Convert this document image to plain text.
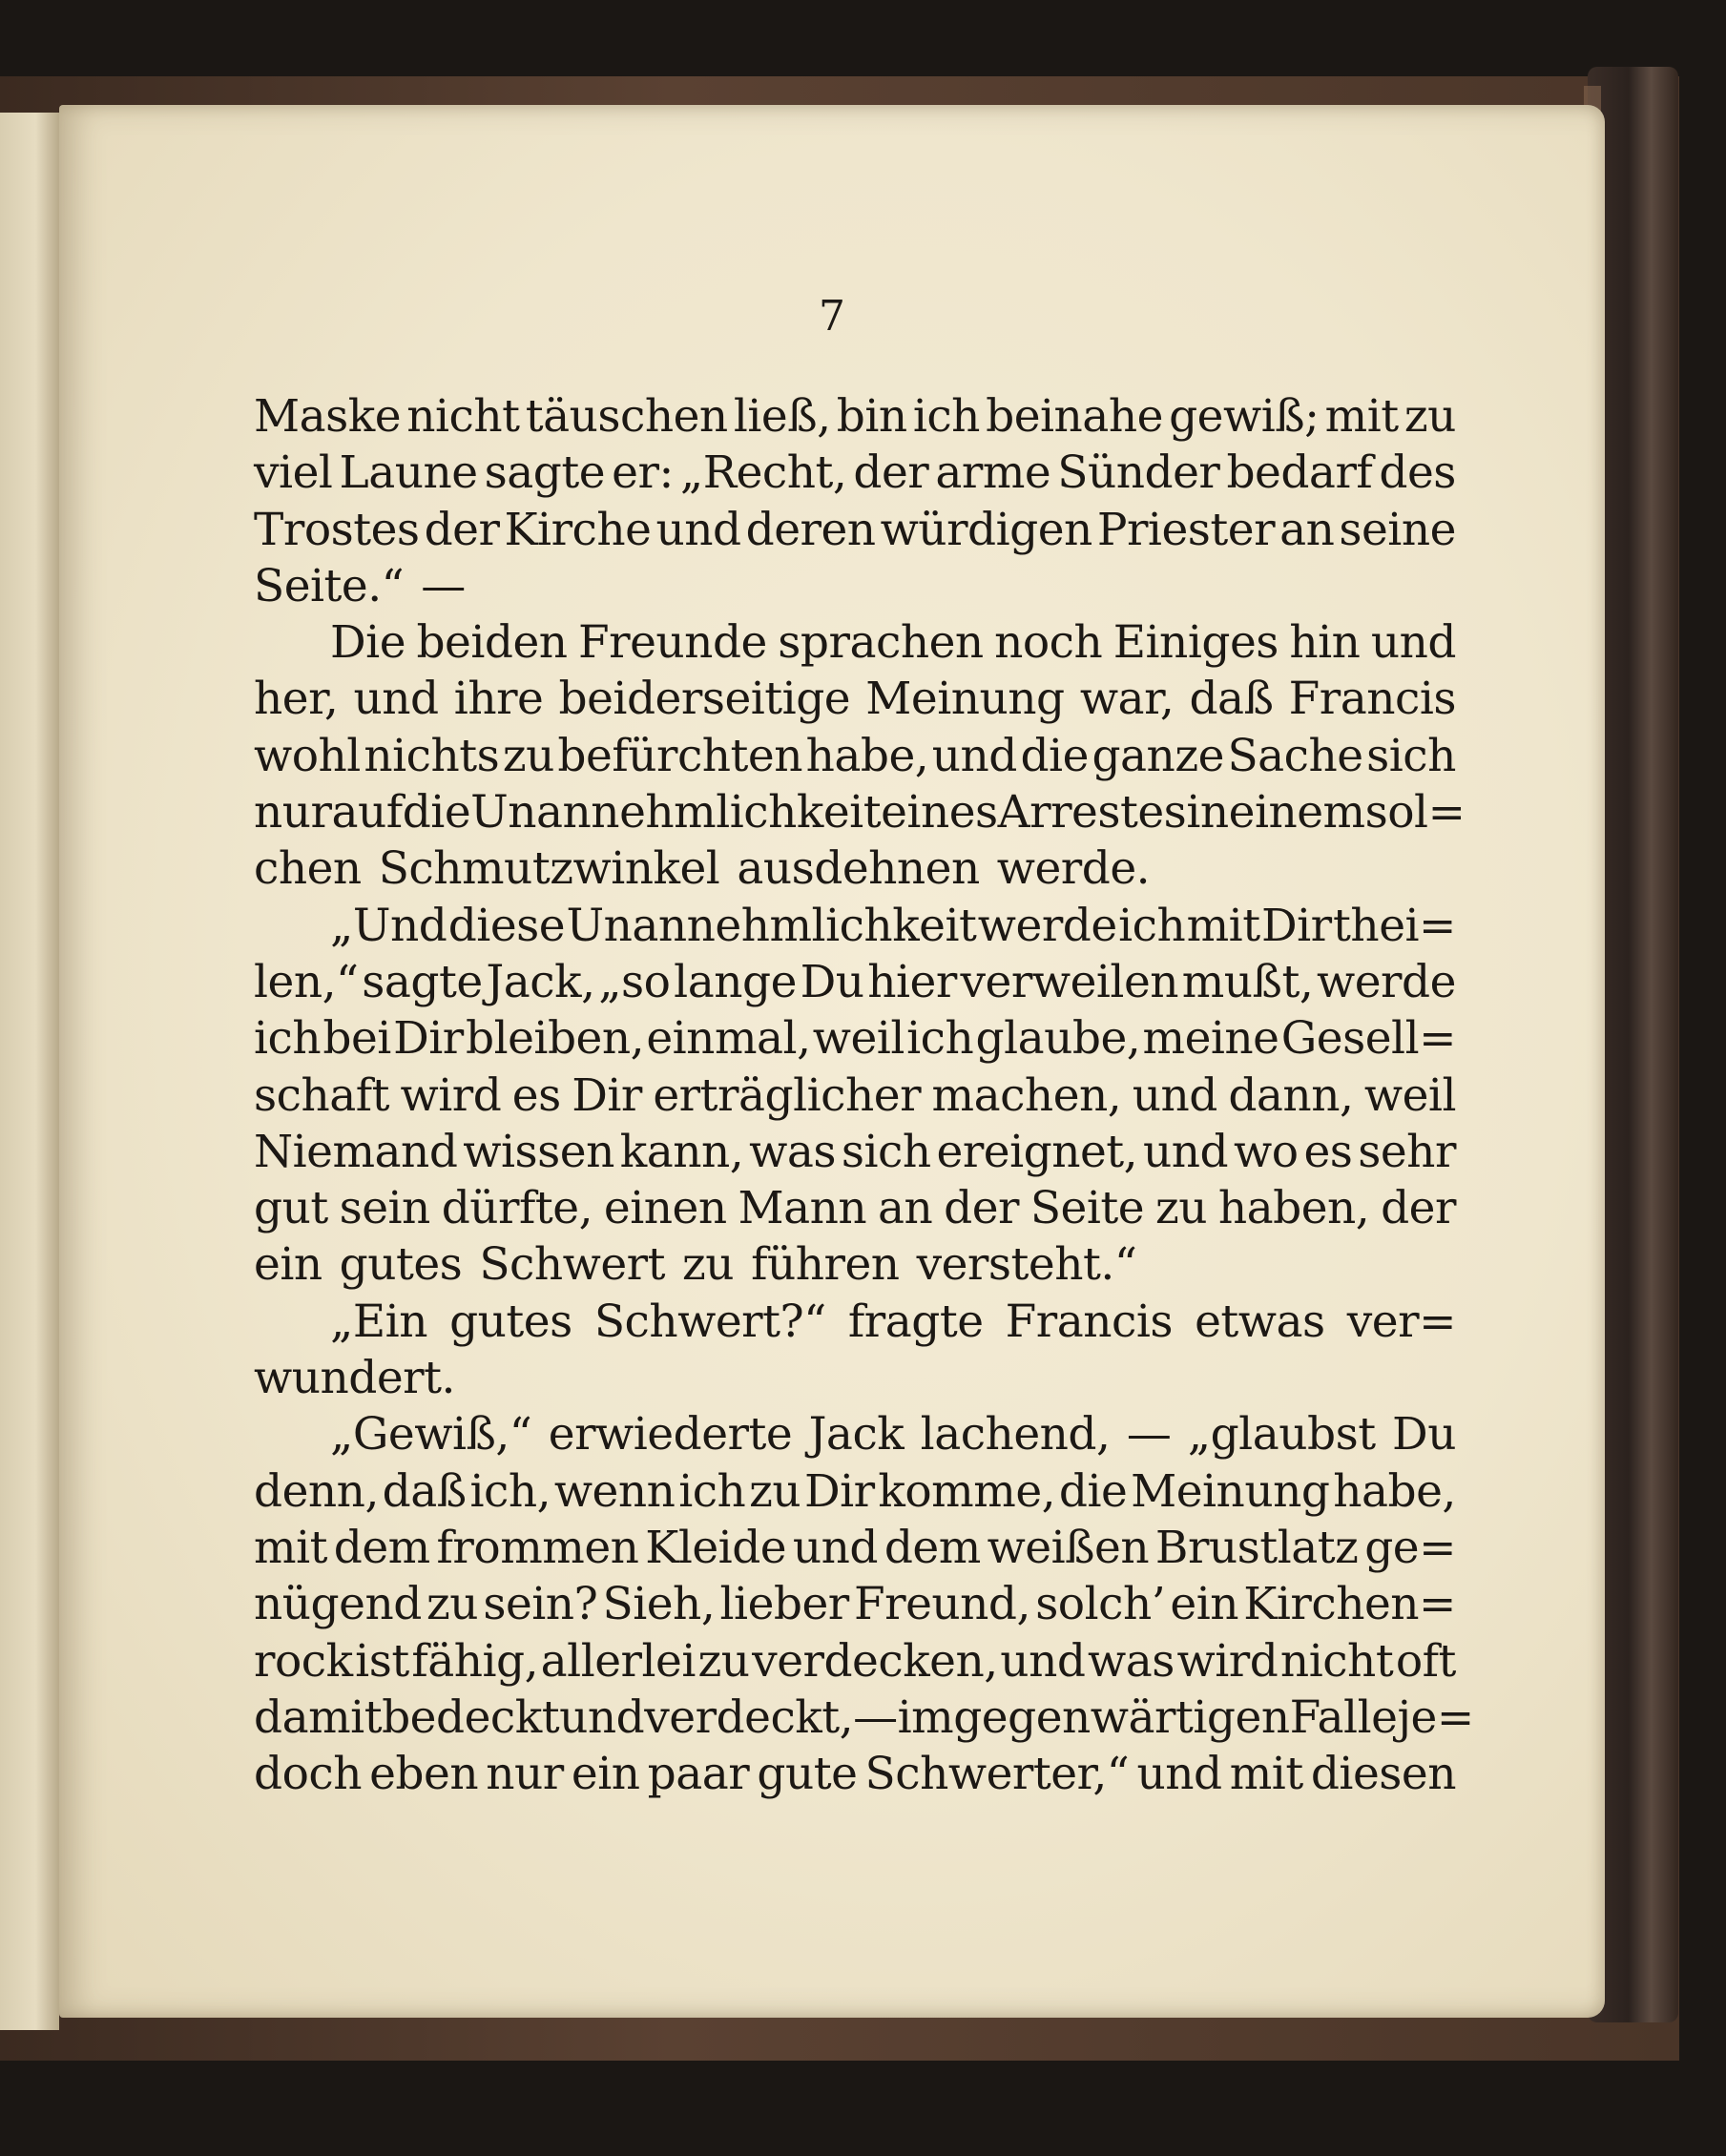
7
Maske nicht täuschen ließ, bin ich beinahe gewiß; mit zu
viel Laune sagte er: „Recht, der arme Sünder bedarf des
Trostes der Kirche und deren würdigen Priester an seine
Seite.“ —
Die beiden Freunde sprachen noch Einiges hin und
her, und ihre beiderseitige Meinung war, daß Francis
wohl nichts zu befürchten habe, und die ganze Sache sich
nur auf die Unannehmlichkeit eines Arrestes in einem sol=
chen Schmutzwinkel ausdehnen werde.
„Und diese Unannehmlichkeit werde ich mit Dir thei=
len,“ sagte Jack, „so lange Du hier verweilen mußt, werde
ich bei Dir bleiben, einmal, weil ich glaube, meine Gesell=
schaft wird es Dir erträglicher machen, und dann, weil
Niemand wissen kann, was sich ereignet, und wo es sehr
gut sein dürfte, einen Mann an der Seite zu haben, der
ein gutes Schwert zu führen versteht.“
„Ein gutes Schwert?“ fragte Francis etwas ver=
wundert.
„Gewiß,“ erwiederte Jack lachend, — „glaubst Du
denn, daß ich, wenn ich zu Dir komme, die Meinung habe,
mit dem frommen Kleide und dem weißen Brustlatz ge=
nügend zu sein? Sieh, lieber Freund, solch’ ein Kirchen=
rock ist fähig, allerlei zu verdecken, und was wird nicht oft
damit bedeckt und verdeckt, — im gegenwärtigen Falle je=
doch eben nur ein paar gute Schwerter,“ und mit diesen
